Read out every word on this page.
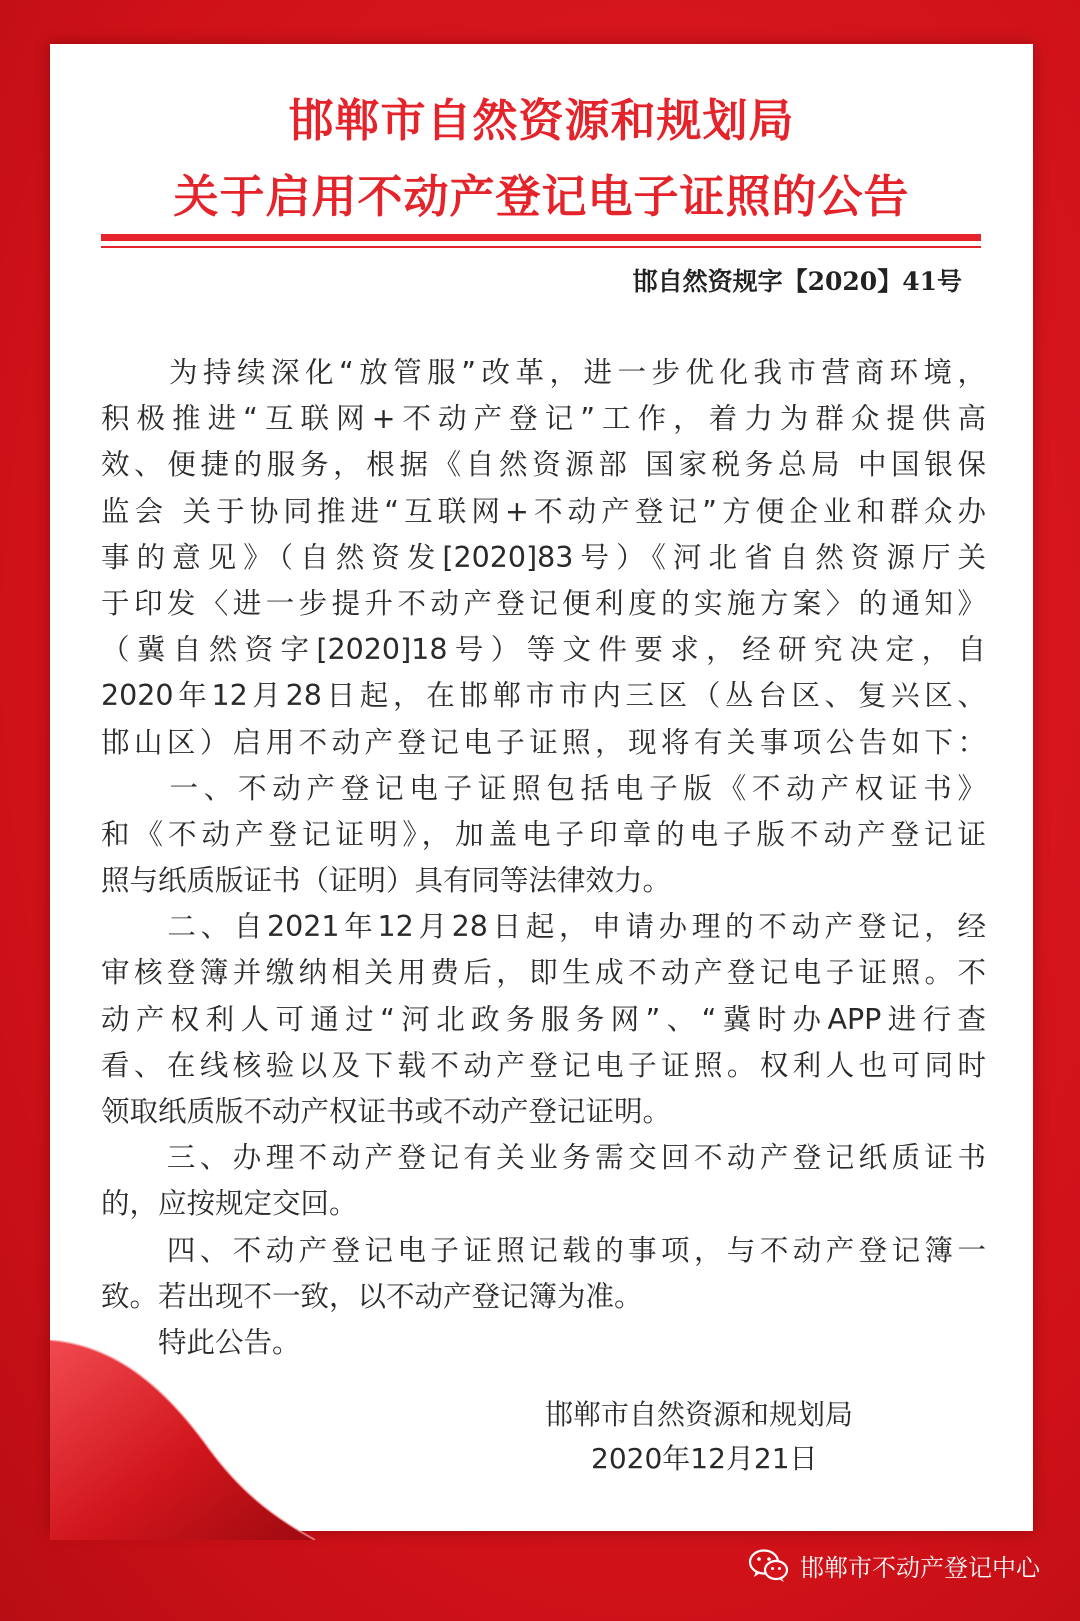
邯郸市自然资源和规划局
关于启用不动产登记电子证照的公告
邯自然资规字【2020】41号
　　为持续深化“放管服”改革，进一步优化我市营商环境，
积极推进“互联网+不动产登记”工作，着力为群众提供高
效、便捷的服务，根据《自然资源部 国家税务总局 中国银保
监会 关于协同推进“互联网+不动产登记”方便企业和群众办
事的意见》（自然资发[2020]83号）《河北省自然资源厅关
于印发〈进一步提升不动产登记便利度的实施方案〉的通知》
（冀自然资字[2020]18号）等文件要求，经研究决定，自
2020年12月28日起，在邯郸市市内三区（丛台区、复兴区、
邯山区）启用不动产登记电子证照，现将有关事项公告如下：
　　一、不动产登记电子证照包括电子版《不动产权证书》
和《不动产登记证明》，加盖电子印章的电子版不动产登记证
照与纸质版证书（证明）具有同等法律效力。
　　二、自2021年12月28日起，申请办理的不动产登记，经
审核登簿并缴纳相关用费后，即生成不动产登记电子证照。不
动产权利人可通过“河北政务服务网”、“冀时办APP进行查
看、在线核验以及下载不动产登记电子证照。权利人也可同时
领取纸质版不动产权证书或不动产登记证明。
　　三、办理不动产登记有关业务需交回不动产登记纸质证书
的，应按规定交回。
　　四、不动产登记电子证照记载的事项，与不动产登记簿一
致。若出现不一致，以不动产登记簿为准。
　　特此公告。
邯郸市自然资源和规划局
2020年12月21日
邯郸市不动产登记中心
